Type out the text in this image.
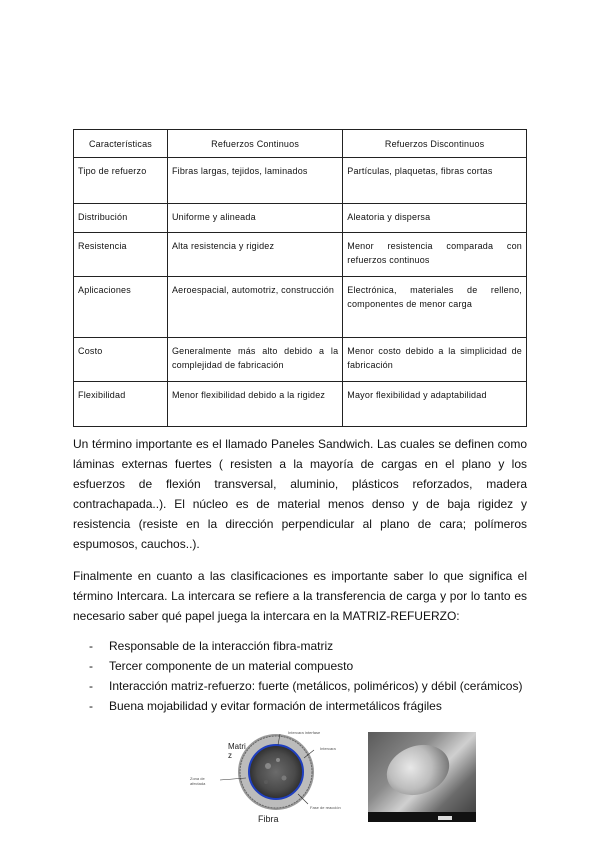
Características	Refuerzos Continuos	Refuerzos Discontinuos
Tipo de refuerzo	Fibras largas, tejidos, laminados	Partículas, plaquetas, fibras cortas
Distribución	Uniforme y alineada	Aleatoria y dispersa
Resistencia	Alta resistencia y rigidez	Menor resistencia comparada con refuerzos continuos
Aplicaciones	Aeroespacial, automotriz, construcción	Electrónica, materiales de relleno, componentes de menor carga
Costo	Generalmente más alto debido a la complejidad de fabricación	Menor costo debido a la simplicidad de fabricación
Flexibilidad	Menor flexibilidad debido a la rigidez	Mayor flexibilidad y adaptabilidad

Un término importante es el llamado Paneles Sandwich. Las cuales se definen como láminas externas fuertes ( resisten a la mayoría de cargas en el plano y los esfuerzos de flexión transversal, aluminio, plásticos reforzados, madera contrachapada..). El núcleo es de material menos denso y de baja rigidez y resistencia (resiste en la dirección perpendicular al plano de cara; polímeros espumosos, cauchos..).

Finalmente en cuanto a las clasificaciones es importante saber lo que significa el término Intercara. La intercara se refiere a la transferencia de carga y por lo tanto es necesario saber qué papel juega la intercara en la MATRIZ-REFUERZO:

- Responsable de la interacción fibra-matriz
- Tercer componente de un material compuesto
- Interacción matriz-refuerzo: fuerte (metálicos, poliméricos) y débil (cerámicos)
- Buena mojabilidad y evitar formación de intermetálicos frágiles
Matri z
Fibra
Intercara interfase
Intercara
Zona de afectada
Fase de reacción
